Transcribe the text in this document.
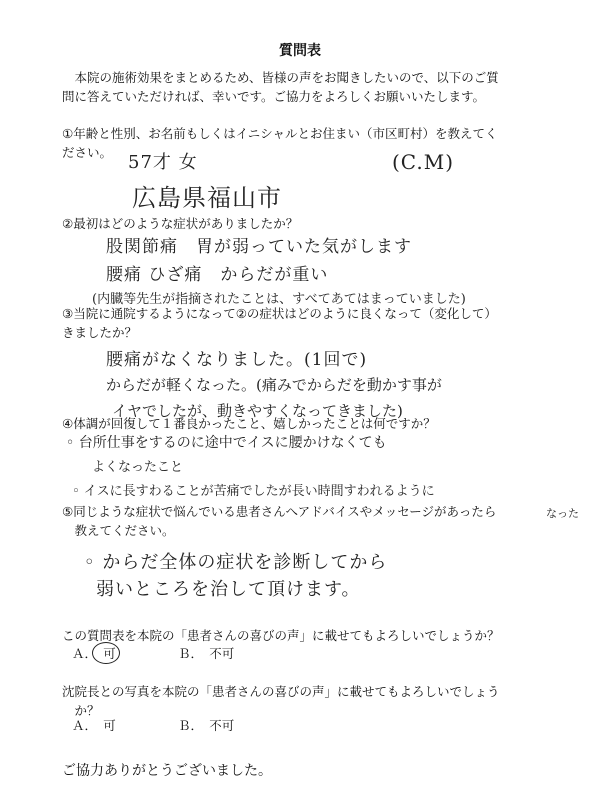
質問表
　本院の施術効果をまとめるため、皆様の声をお聞きしたいので、以下のご質
問に答えていただければ、幸いです。ご協力をよろしくお願いいたします。
①年齢と性別、お名前もしくはイニシャルとお住まい（市区町村）を教えてく
ださい。 57才 女	(C.M)
広島県福山市
②最初はどのような症状がありましたか？
股関節痛　胃が弱っていた気がします
腰痛 ひざ痛　からだが重い
(内臓等先生が指摘されたことは、すべてあてはまっていました)
③当院に通院するようになって②の症状はどのように良くなって（変化して）
きましたか？
腰痛がなくなりました。(1回で)
からだが軽くなった。(痛みでからだを動かす事が
イヤでしたが、動きやすくなってきました)
④体調が回復して１番良かったこと、嬉しかったことは何ですか？
◦ 台所仕事をするのに途中でイスに腰かけなくても
よくなったこと
◦ イスに長すわることが苦痛でしたが長い時間すわれるように
なった
⑤同じような症状で悩んでいる患者さんへアドバイスやメッセージがあったら
　教えてください。
◦ からだ全体の症状を診断してから
弱いところを治して頂けます。
この質問表を本院の「患者さんの喜びの声」に載せてもよろしいでしょうか？
Ａ．　可	Ｂ．　不可
沈院長との写真を本院の「患者さんの喜びの声」に載せてもよろしいでしょう
　か？
Ａ．　可	Ｂ．　不可
ご協力ありがとうございました。
